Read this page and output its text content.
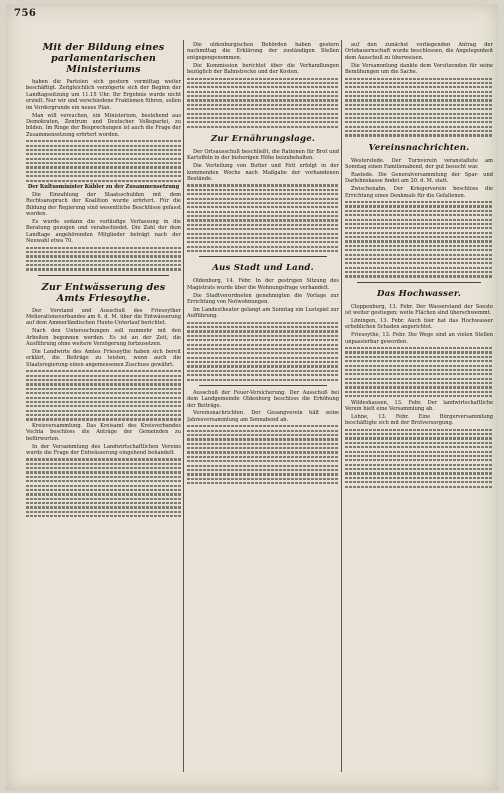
756
Mit der Bildung eines parlamentarischen Ministeriums

haben die Parteien sich gestern vormittag weiter beschäftigt. Zeitgleichlich verzögerte sich der Beginn der Landtagssitzung um 11.15 Uhr. Ihr Ergebnis wurde nicht erzielt. Nur wir und verschiedene Fraktionen führen, sollen im Vordergrunde ein neues Plan.

Man will versuchen, ein Ministerium, bestehend aus Demokraten, Zentrum und Deutscher Volkspartei, zu bilden. Im Ringe der Besprechungen ist auch die Frage der Zusammensetzung erörtert worden.

Der Kultusminister Kübler zu der Zusammensetzung

Die Einzahlung der Staatsschulden mit dem Rechtsanspruch der Koalition wurde erörtert. Für die Bildung der Regierung sind wesentliche Beschlüsse gefasst worden.

Es wurde sodann die vorläufige Verfassung in die Beratung gezogen und verabschiedet. Die Zahl der dem Landtage angehörenden Mitglieder beträgt nach der Neuwahl etwa 70.

Zur Entwässerung des Amts Friesoythe.

Der Vorstand und Ausschuß des Friesoyther Meliorationsverbandes am 6. d. M. über die Entwässerung auf dem Ammerländischen Hunte-Unterlauf berichtet.

Nach den Untersuchungen soll nunmehr mit den Arbeiten begonnen werden. Es ist an der Zeit, die Ausführung ohne weitere Verzögerung fortzusetzen.

Die Landwirte des Amtes Friesoythe haben sich bereit erklärt, die Beiträge zu leisten, wenn auch die Staatsregierung einen angemessenen Zuschuss gewährt.

Kreisversammlung. Das Kreisamt des Kreisverbandes Vechta beschloss die Anträge der Gemeinden zu befürworten.

In der Versammlung des Landwirtschaftlichen Vereins wurde die Frage der Entwässerung eingehend behandelt.

Die oldenburgischen Behörden haben gestern nachmittag die Erklärung der zuständigen Stellen entgegengenommen.

Die Kommission berichtet über die Verhandlungen bezüglich der Bahnstrecke und der Kosten.

Zur Ernährungslage.

Der Ortsausschuß beschließt, die Rationen für Brot und Kartoffeln in der bisherigen Höhe beizubehalten.

Die Verteilung von Butter und Fett erfolgt in der kommenden Woche nach Maßgabe der vorhandenen Bestände.

Aus Stadt und Land.

Oldenburg, 14. Febr. In der gestrigen Sitzung des Magistrats wurde über die Wohnungsfrage verhandelt.

Die Stadtverordneten genehmigten die Vorlage zur Errichtung von Notwohnungen.

Im Landestheater gelangt am Sonntag ein Lustspiel zur Aufführung.

Ausschuß der Feuer-Versicherung. Der Ausschuß bei dem Landgemeinde Oldenburg beschloss die Erhöhung der Beiträge.

Vereinsnachrichten. Der Gesangverein hält seine Jahresversammlung am Sonnabend ab.

auf den zunächst vorliegenden Antrag der Ortsbauernschaft wurde beschlossen, die Angelegenheit dem Ausschuß zu überweisen.

Die Versammlung dankte dem Vorsitzenden für seine Bemühungen um die Sache.

Vereinsnachrichten.

Westerstede. Der Turnverein veranstaltete am Sonntag einen Familienabend, der gut besucht war.

Rastede. Die Generalversammlung der Spar- und Darlehnskasse findet am 20. d. M. statt.

Zwischenahn. Der Kriegerverein beschloss die Errichtung eines Denkmals für die Gefallenen.

Das Hochwasser.

Cloppenburg, 13. Febr. Der Wasserstand der Soeste ist weiter gestiegen; weite Flächen sind überschwemmt.

Löningen, 13. Febr. Auch hier hat das Hochwasser erheblichen Schaden angerichtet.

Friesoythe, 13. Febr. Die Wege sind an vielen Stellen unpassierbar geworden.

Wildeshausen, 13. Febr. Der landwirtschaftliche Verein hielt eine Versammlung ab.

Lohne, 13. Febr. Eine Bürgerversammlung beschäftigte sich mit der Brotversorgung.
